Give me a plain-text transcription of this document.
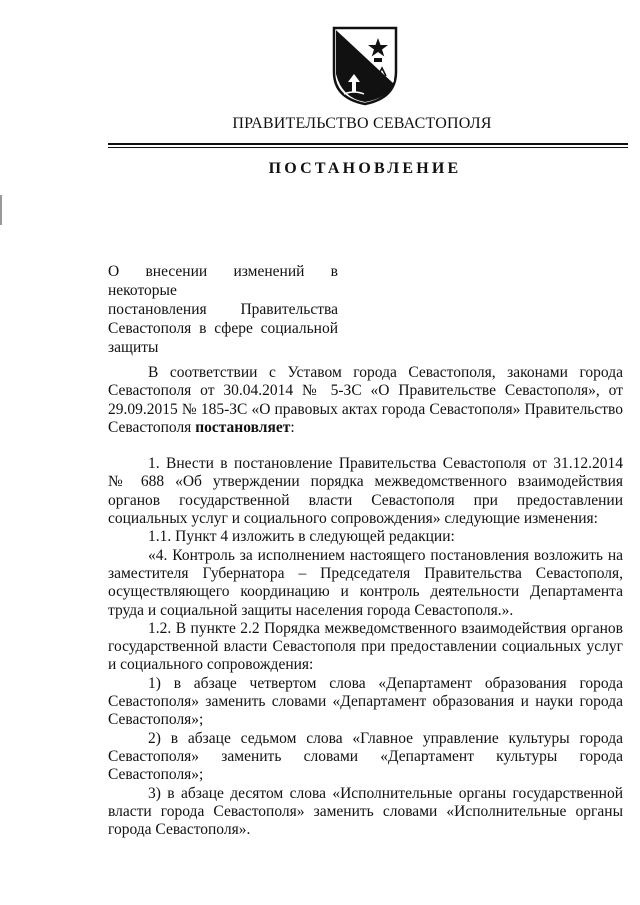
ПРАВИТЕЛЬСТВО СЕВАСТОПОЛЯ
ПОСТАНОВЛЕНИЕ
О внесении изменений в некоторые
постановления Правительства
Севастополя в сфере социальной
защиты
В соответствии с Уставом города Севастополя, законами города Севастополя от 30.04.2014 № 5-ЗС «О Правительстве Севастополя», от 29.09.2015 № 185-ЗС «О правовых актах города Севастополя» Правительство Севастополя постановляет:
1. Внести в постановление Правительства Севастополя от 31.12.2014 № 688 «Об утверждении порядка межведомственного взаимодействия органов государственной власти Севастополя при предоставлении социальных услуг и социального сопровождения» следующие изменения:
1.1. Пункт 4 изложить в следующей редакции:
«4. Контроль за исполнением настоящего постановления возложить на заместителя Губернатора – Председателя Правительства Севастополя, осуществляющего координацию и контроль деятельности Департамента труда и социальной защиты населения города Севастополя.».
1.2. В пункте 2.2 Порядка межведомственного взаимодействия органов государственной власти Севастополя при предоставлении социальных услуг и социального сопровождения:
1) в абзаце четвертом слова «Департамент образования города Севастополя» заменить словами «Департамент образования и науки города Севастополя»;
2) в абзаце седьмом слова «Главное управление культуры города Севастополя» заменить словами «Департамент культуры города Севастополя»;
3) в абзаце десятом слова «Исполнительные органы государственной власти города Севастополя» заменить словами «Исполнительные органы города Севастополя».
